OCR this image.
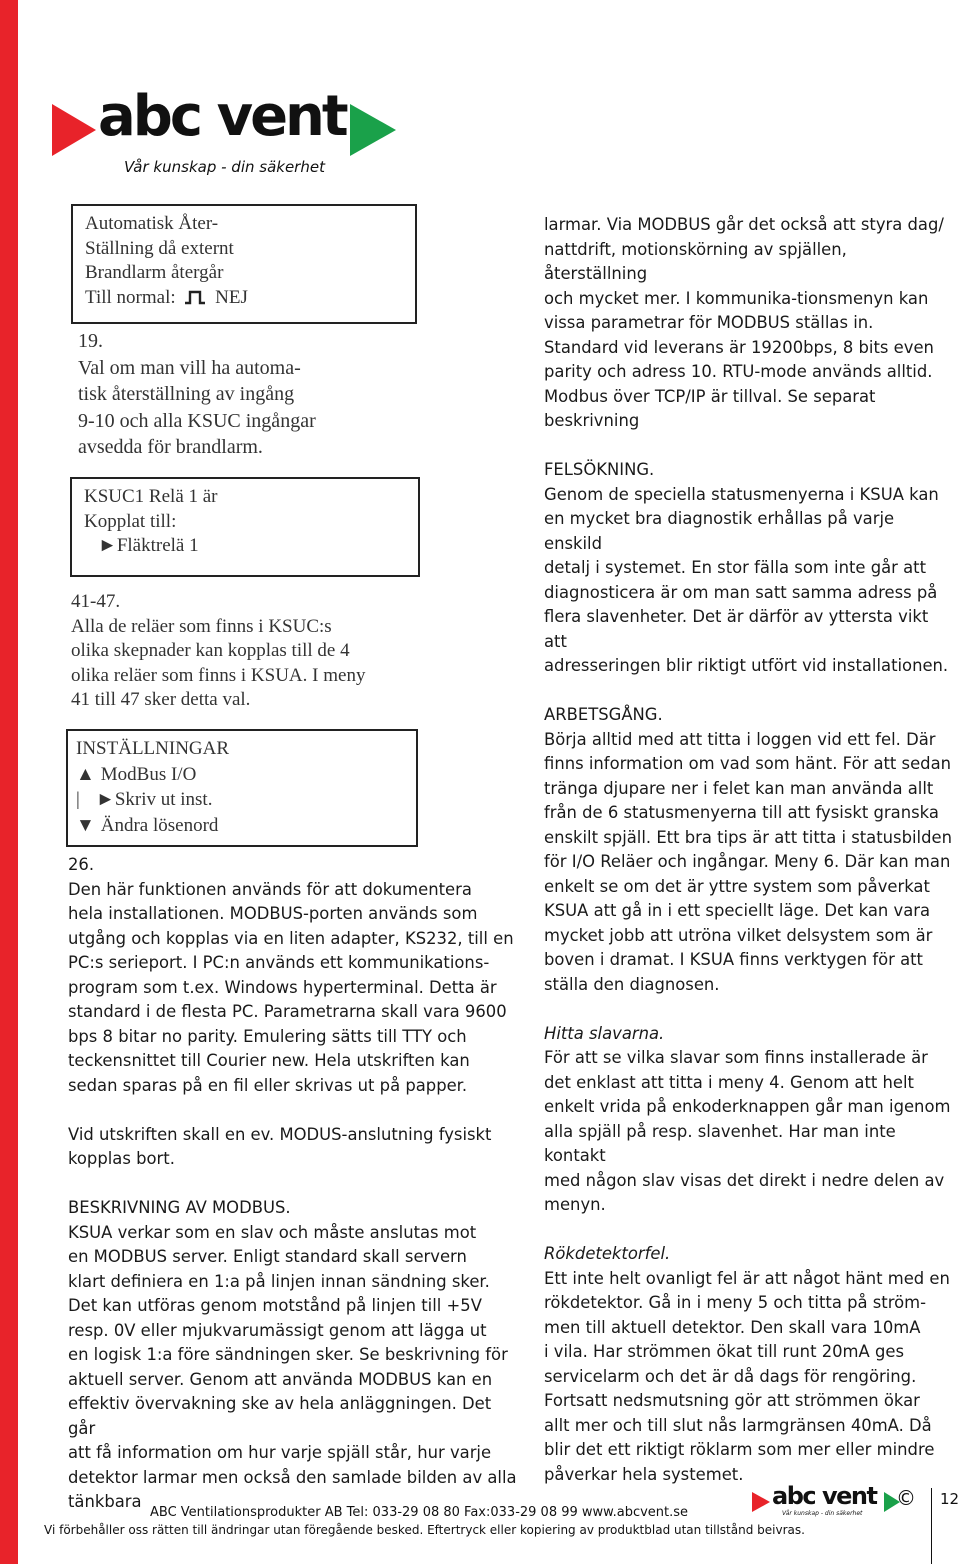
abc vent
Vår kunskap - din säkerhet
Automatisk Åter-
Ställning då externt
Brandlarm återgår
Till normal: NEJ
19.
Val om man vill ha automa-
tisk återställning av ingång
9-10 och alla KSUC ingångar
avsedda för brandlarm.
KSUC1 Relä 1 är
Kopplat till:
►Fläktrelä 1
41-47.
Alla de reläer som finns i KSUC:s
olika skepnader kan kopplas till de 4
olika reläer som finns i KSUA. I meny
41 till 47 sker detta val.
INSTÄLLNINGAR
▲ ModBus I/O
| ►Skriv ut inst.
▼ Ändra lösenord
26.
Den här funktionen används för att dokumentera
hela installationen. MODBUS-porten används som
utgång och kopplas via en liten adapter, KS232, till en
PC:s serieport. I PC:n används ett kommunikations-
program som t.ex. Windows hyperterminal. Detta är
standard i de flesta PC. Parametrarna skall vara 9600
bps 8 bitar no parity. Emulering sätts till TTY och
teckensnittet till Courier new. Hela utskriften kan
sedan sparas på en fil eller skrivas ut på papper.
Vid utskriften skall en ev. MODUS-anslutning fysiskt
kopplas bort.
BESKRIVNING AV MODBUS.
KSUA verkar som en slav och måste anslutas mot
en MODBUS server. Enligt standard skall servern
klart definiera en 1:a på linjen innan sändning sker.
Det kan utföras genom motstånd på linjen till +5V
resp. 0V eller mjukvarumässigt genom att lägga ut
en logisk 1:a före sändningen sker. Se beskrivning för
aktuell server. Genom att använda MODBUS kan en
effektiv övervakning ske av hela anläggningen. Det går
att få information om hur varje spjäll står, hur varje
detektor larmar men också den samlade bilden av alla
tänkbara
larmar. Via MODBUS går det också att styra dag/
nattdrift, motionskörning av spjällen, återställning
och mycket mer. I kommunika-tionsmenyn kan
vissa parametrar för MODBUS ställas in.
Standard vid leverans är 19200bps, 8 bits even
parity och adress 10. RTU-mode används alltid.
Modbus över TCP/IP är tillval. Se separat
beskrivning
FELSÖKNING.
Genom de speciella statusmenyerna i KSUA kan
en mycket bra diagnostik erhållas på varje enskild
detalj i systemet. En stor fälla som inte går att
diagnosticera är om man satt samma adress på
flera slavenheter. Det är därför av yttersta vikt att
adresseringen blir riktigt utfört vid installationen.
ARBETSGÅNG.
Börja alltid med att titta i loggen vid ett fel. Där
finns information om vad som hänt. För att sedan
tränga djupare ner i felet kan man använda allt
från de 6 statusmenyerna till att fysiskt granska
enskilt spjäll. Ett bra tips är att titta i statusbilden
för I/O Reläer och ingångar. Meny 6. Där kan man
enkelt se om det är yttre system som påverkat
KSUA att gå in i ett speciellt läge. Det kan vara
mycket jobb att utröna vilket delsystem som är
boven i dramat. I KSUA finns verktygen för att
ställa den diagnosen.
Hitta slavarna.
För att se vilka slavar som finns installerade är
det enklast att titta i meny 4. Genom att helt
enkelt vrida på enkoderknappen går man igenom
alla spjäll på resp. slavenhet. Har man inte kontakt
med någon slav visas det direkt i nedre delen av
menyn.
Rökdetektorfel.
Ett inte helt ovanligt fel är att något hänt med en
rökdetektor. Gå in i meny 5 och titta på ström-
men till aktuell detektor. Den skall vara 10mA
i vila. Har strömmen ökat till runt 20mA ges
servicelarm och det är då dags för rengöring.
Fortsatt nedsmutsning gör att strömmen ökar
allt mer och till slut nås larmgränsen 40mA. Då
blir det ett riktigt röklarm som mer eller mindre
påverkar hela systemet.
ABC Ventilationsprodukter AB Tel: 033-29 08 80 Fax:033-29 08 99 www.abcvent.se
Vi förbehåller oss rätten till ändringar utan föregående besked. Eftertryck eller kopiering av produktblad utan tillstånd beivras.
abc vent
Vår kunskap - din säkerhet
© 12
